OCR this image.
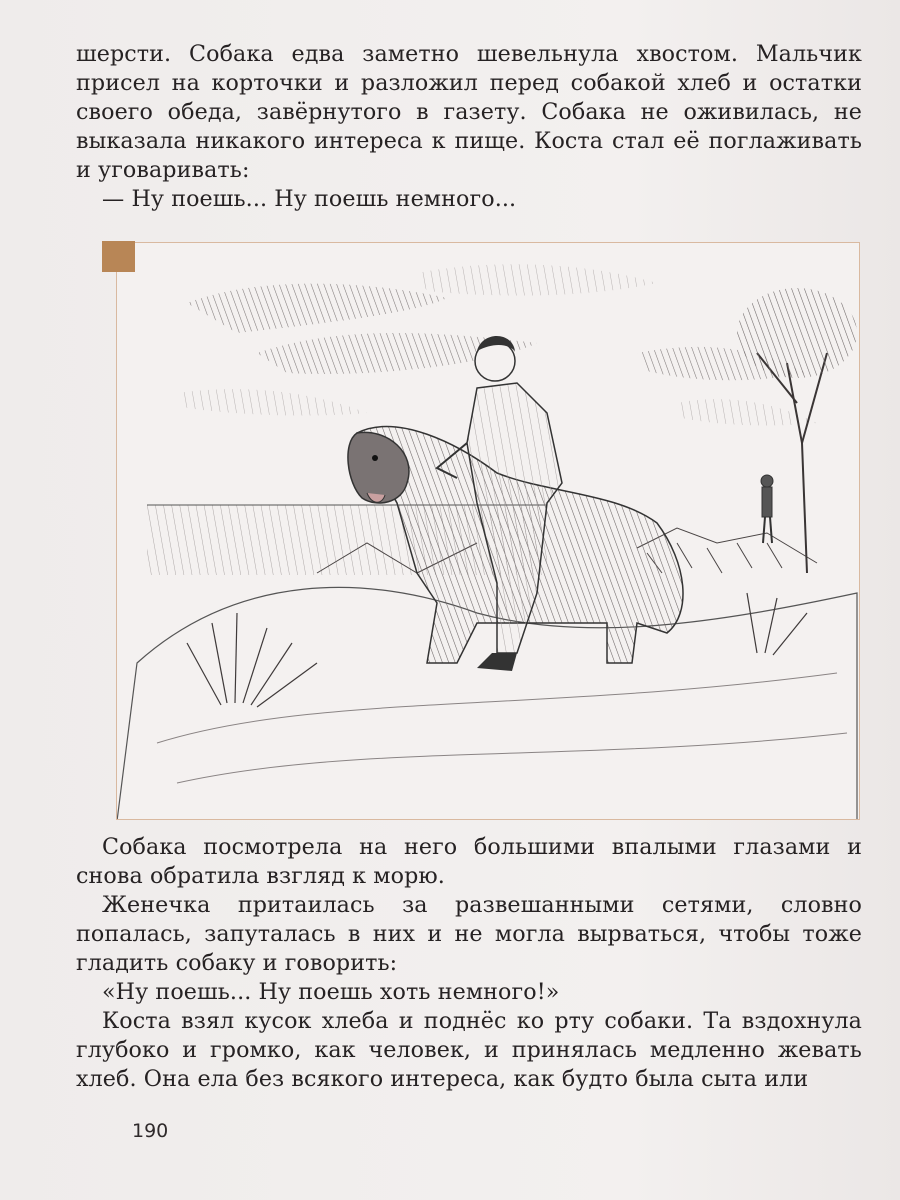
шерсти. Собака едва заметно шевельнула хвостом. Мальчик присел на корточки и разложил перед собакой хлеб и остатки своего обеда, завёрнутого в газету. Собака не оживилась, не выказала никакого интереса к пище. Коста стал её поглаживать и уговаривать:

— Ну поешь... Ну поешь немного...

Собака посмотрела на него большими впалыми глазами и снова обратила взгляд к морю.

Женечка притаилась за развешанными сетями, словно попалась, запуталась в них и не могла вырваться, чтобы тоже гладить собаку и говорить:

«Ну поешь... Ну поешь хоть немного!»

Коста взял кусок хлеба и поднёс ко рту собаки. Та вздохнула глубоко и громко, как человек, и принялась медленно жевать хлеб. Она ела без всякого интереса, как будто была сыта или

190
